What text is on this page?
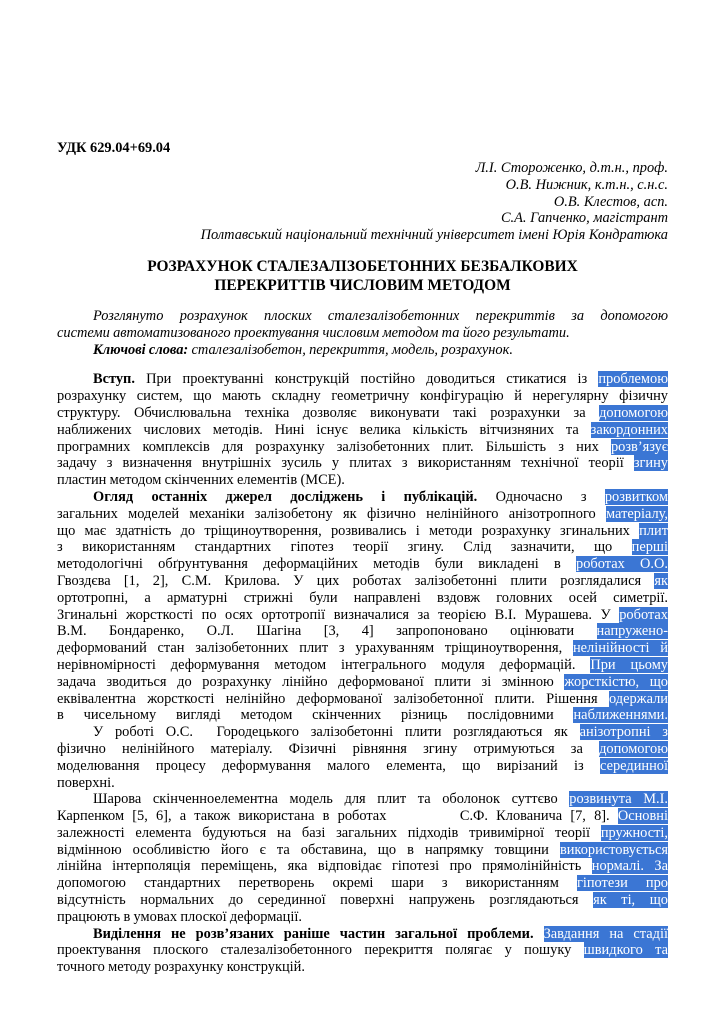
УДК 629.04+69.04
Л.І. Стороженко, д.т.н., проф.
О.В. Нижник, к.т.н., с.н.с.
О.В. Клестов, асп.
С.А. Гапченко, магістрант
Полтавський національний технічний університет імені Юрія Кондратюка
РОЗРАХУНОК СТАЛЕЗАЛІЗОБЕТОННИХ БЕЗБАЛКОВИХ
ПЕРЕКРИТТІВ ЧИСЛОВИМ МЕТОДОМ
Розглянуто розрахунок плоских сталезалізобетонних перекриттів за допомогою
системи автоматизованого проектування числовим методом та його результати.
Ключові слова: сталезалізобетон, перекриття, модель, розрахунок.
Вступ. При проектуванні конструкцій постійно доводиться стикатися із проблемою
розрахунку систем, що мають складну геометричну конфігурацію й нерегулярну фізичну
структуру. Обчислювальна техніка дозволяє виконувати такі розрахунки за допомогою
наближених числових методів. Нині існує велика кількість вітчизняних та закордонних
програмних комплексів для розрахунку залізобетонних плит. Більшість з них розв’язує
задачу з визначення внутрішніх зусиль у плитах з використанням технічної теорії згину
пластин методом скінченних елементів (МСЕ).
Огляд останніх джерел досліджень і публікацій. Одночасно з розвитком
загальних моделей механіки залізобетону як фізично нелінійного анізотропного матеріалу,
що має здатність до тріщиноутворення, розвивались і методи розрахунку згинальних плит
з використанням стандартних гіпотез теорії згину. Слід зазначити, що перші
методологічні обґрунтування деформаційних методів були викладені в роботах О.О.
Гвоздєва [1, 2], С.М. Крилова. У цих роботах залізобетонні плити розглядалися як
ортотропні, а арматурні стрижні були направлені вздовж головних осей симетрії.
Згинальні жорсткості по осях ортотропії визначалися за теорією В.І. Мурашева. У роботах
В.М. Бондаренко, О.Л. Шагіна [3, 4] запропоновано оцінювати напружено-
деформований стан залізобетонних плит з урахуванням тріщиноутворення, нелінійності й
нерівномірності деформування методом інтегрального модуля деформацій. При цьому
задача зводиться до розрахунку лінійно деформованої плити зі змінною жорсткістю, що
еквівалентна жорсткості нелінійно деформованої залізобетонної плити. Рішення одержали
в чисельному вигляді методом скінченних різниць послідовними наближеннями.
У роботі О.С.  Городецького залізобетонні плити розглядаються як анізотропні з
фізично нелінійного матеріалу. Фізичні рівняння згину отримуються за допомогою
моделювання процесу деформування малого елемента, що вирізаний із серединної
поверхні.
Шарова скінченноелементна модель для плит та оболонок суттєво розвинута М.І.
Карпенком [5, 6], а також використана в роботах         С.Ф. Клованича [7, 8]. Основні
залежності елемента будуються на базі загальних підходів тривимірної теорії пружності,
відмінною особливістю його є та обставина, що в напрямку товщини використовується
лінійна інтерполяція переміщень, яка відповідає гіпотезі про прямолінійність нормалі. За
допомогою стандартних перетворень окремі шари з використанням гіпотези про
відсутність нормальних до серединної поверхні напружень розглядаються як ті, що
працюють в умовах плоскої деформації.
Виділення не розв’язаних раніше частин загальної проблеми. Завдання на стадії
проектування плоского сталезалізобетонного перекриття полягає у пошуку швидкого та
точного методу розрахунку конструкцій.
